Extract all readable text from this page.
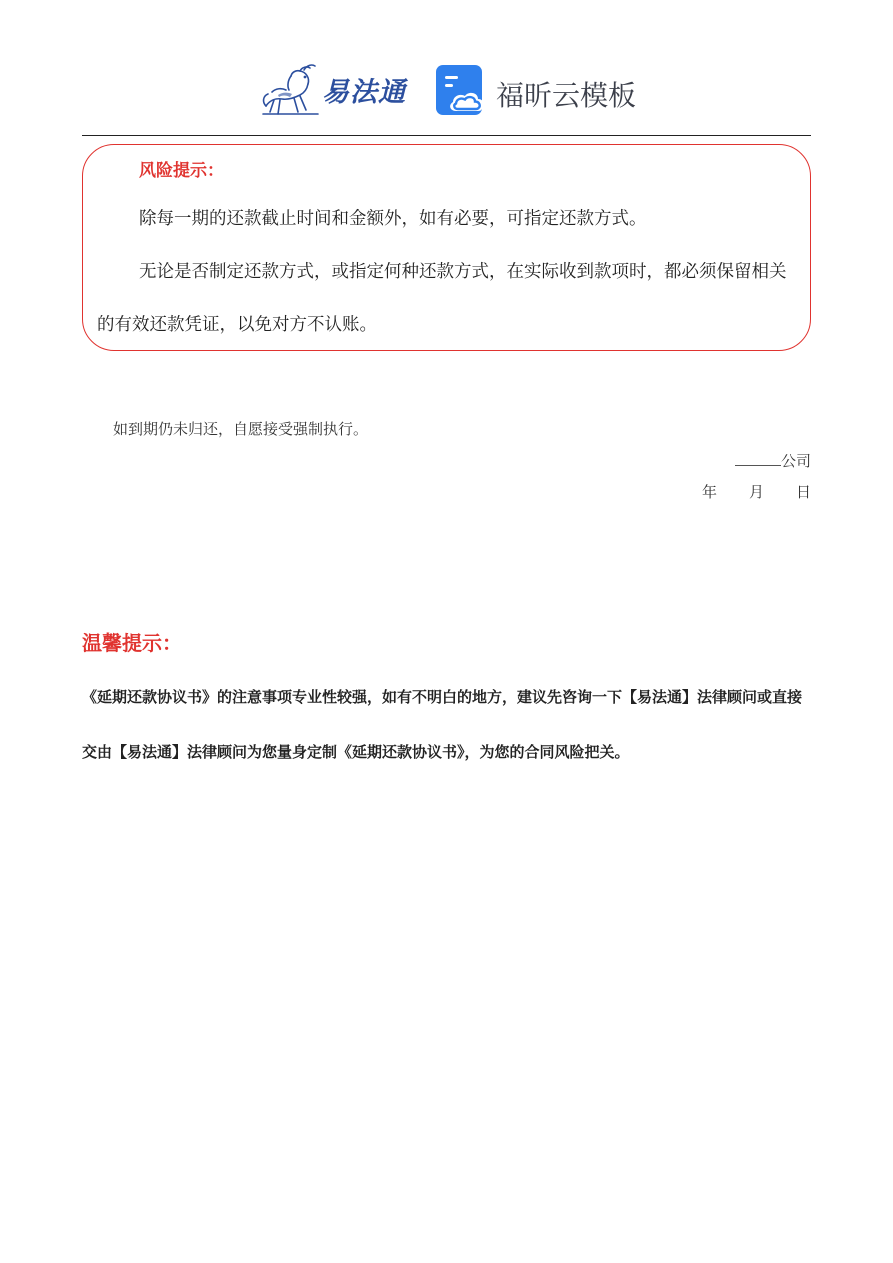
易法通	福昕云模板
风险提示：
除每一期的还款截止时间和金额外，如有必要，可指定还款方式。
无论是否制定还款方式，或指定何种还款方式，在实际收到款项时，都必须保留相关的有效还款凭证，以免对方不认账。
如到期仍未归还，自愿接受强制执行。
公司
年 月 日
温馨提示：
《延期还款协议书》的注意事项专业性较强，如有不明白的地方，建议先咨询一下【易法通】法律顾问或直接交由【易法通】法律顾问为您量身定制《延期还款协议书》，为您的合同风险把关。
